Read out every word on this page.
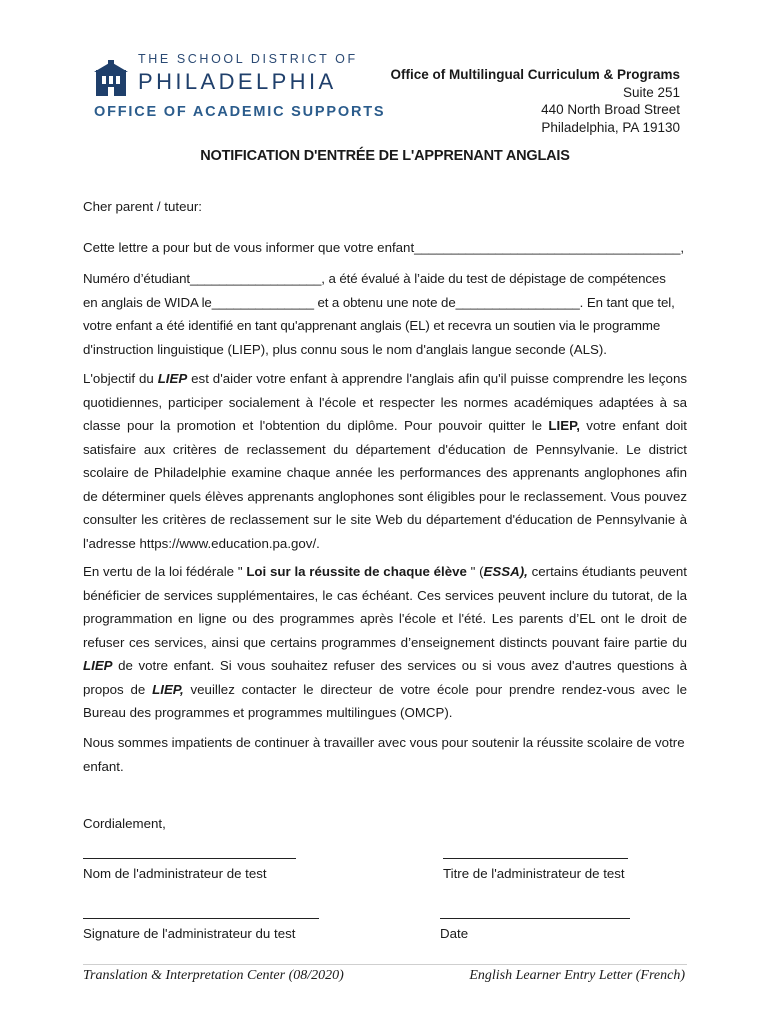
THE SCHOOL DISTRICT OF
PHILADELPHIA
OFFICE OF ACADEMIC SUPPORTS
Office of Multilingual Curriculum & Programs
Suite 251
440 North Broad Street
Philadelphia, PA 19130
NOTIFICATION D'ENTRÉE DE L'APPRENANT ANGLAIS
Cher parent / tuteur:
Cette lettre a pour but de vous informer que votre enfant____________________________________,
Numéro d’étudiant__________________, a été évalué à l’aide du test de dépistage de compétences
en anglais de WIDA le______________ et a obtenu une note de_________________. En tant que tel,
votre enfant a été identifié en tant qu'apprenant anglais (EL) et recevra un soutien via le programme
d'instruction linguistique (LIEP), plus connu sous le nom d'anglais langue seconde (ALS).
L'objectif du LIEP est d'aider votre enfant à apprendre l'anglais afin qu'il puisse comprendre les leçons quotidiennes, participer socialement à l'école et respecter les normes académiques adaptées à sa classe pour la promotion et l'obtention du diplôme. Pour pouvoir quitter le LIEP, votre enfant doit satisfaire aux critères de reclassement du département d'éducation de Pennsylvanie. Le district scolaire de Philadelphie examine chaque année les performances des apprenants anglophones afin de déterminer quels élèves apprenants anglophones sont éligibles pour le reclassement. Vous pouvez consulter les critères de reclassement sur le site Web du département d'éducation de Pennsylvanie à l'adresse https://www.education.pa.gov/.
En vertu de la loi fédérale " Loi sur la réussite de chaque élève " (ESSA), certains étudiants peuvent bénéficier de services supplémentaires, le cas échéant. Ces services peuvent inclure du tutorat, de la programmation en ligne ou des programmes après l'école et l'été. Les parents d’EL ont le droit de refuser ces services, ainsi que certains programmes d’enseignement distincts pouvant faire partie du LIEP de votre enfant. Si vous souhaitez refuser des services ou si vous avez d'autres questions à propos de LIEP, veuillez contacter le directeur de votre école pour prendre rendez-vous avec le Bureau des programmes et programmes multilingues (OMCP).
Nous sommes impatients de continuer à travailler avec vous pour soutenir la réussite scolaire de votre enfant.
Cordialement,
Nom de l'administrateur de test	Titre de l'administrateur de test
Signature de l'administrateur du test	Date
Translation & Interpretation Center (08/2020)	English Learner Entry Letter (French)
